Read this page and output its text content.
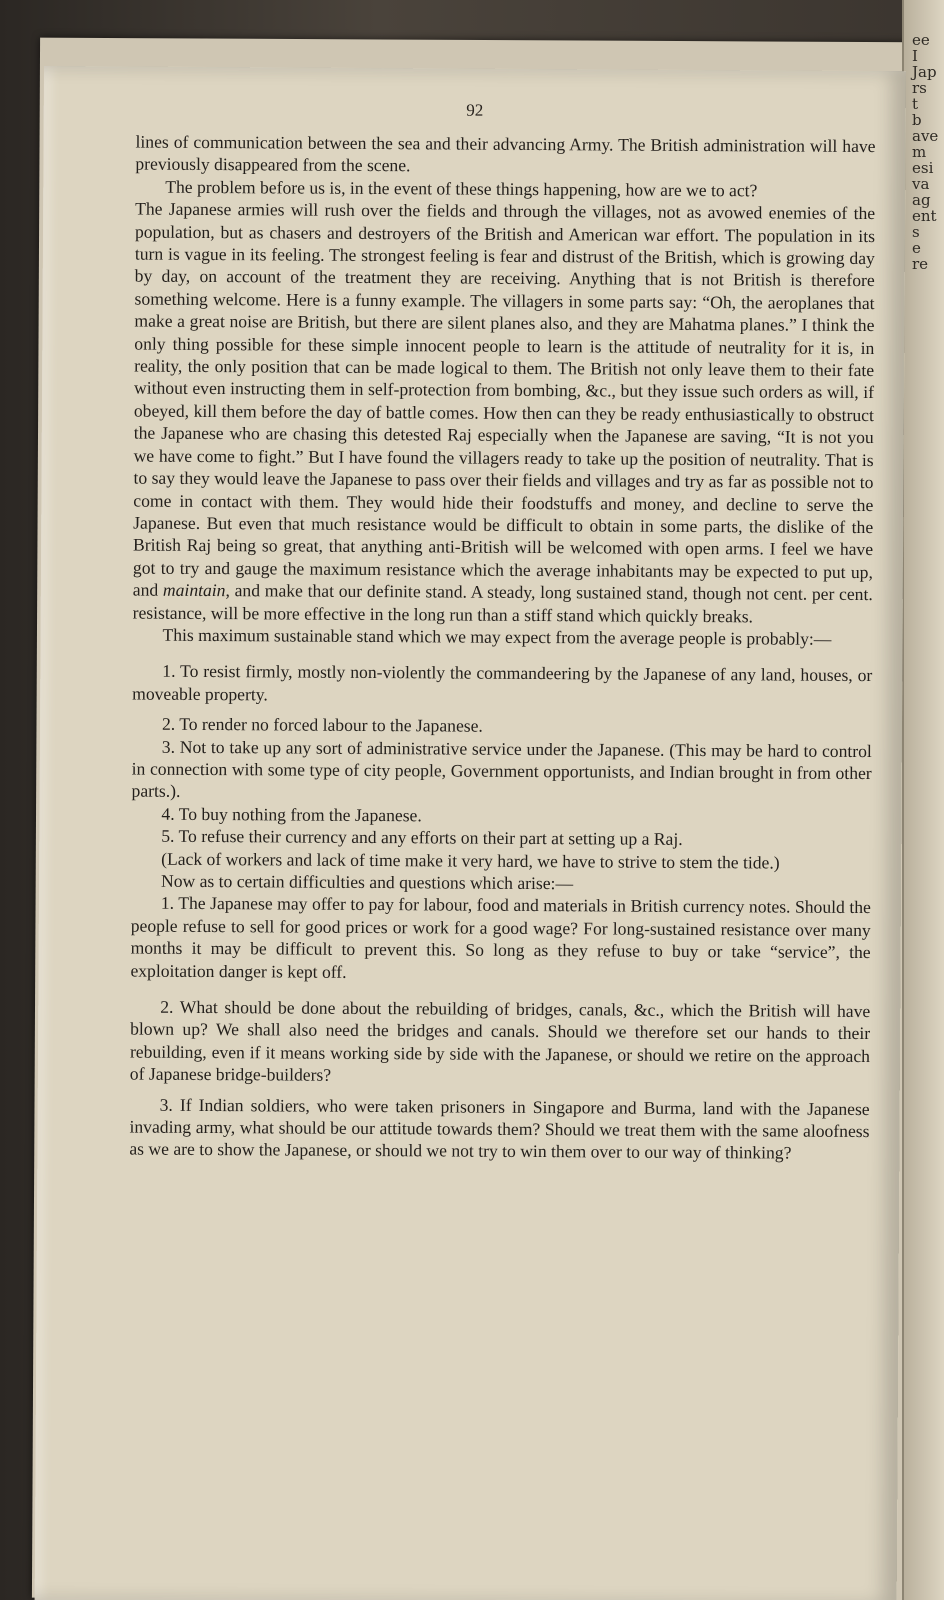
ee
I
Jap
rs
t
b
ave
m
esi
va
ag
ent
s
e
re
92

lines of communication between the sea and their advancing Army. The British administration will have previously disappeared from the scene.

The problem before us is, in the event of these things happening, how are we to act?

The Japanese armies will rush over the fields and through the villages, not as avowed enemies of the population, but as chasers and destroyers of the British and American war effort. The population in its turn is vague in its feeling. The strongest feeling is fear and distrust of the British, which is growing day by day, on account of the treatment they are receiving. Anything that is not British is therefore something welcome. Here is a funny example. The villagers in some parts say: “Oh, the aeroplanes that make a great noise are British, but there are silent planes also, and they are Mahatma planes.” I think the only thing possible for these simple innocent people to learn is the attitude of neutrality for it is, in reality, the only position that can be made logical to them. The British not only leave them to their fate without even instructing them in self-protection from bombing, &c., but they issue such orders as will, if obeyed, kill them before the day of battle comes. How then can they be ready enthusiastically to obstruct the Japanese who are chasing this detested Raj especially when the Japanese are saving, “It is not you we have come to fight.” But I have found the villagers ready to take up the position of neutrality. That is to say they would leave the Japanese to pass over their fields and villages and try as far as possible not to come in contact with them. They would hide their foodstuffs and money, and decline to serve the Japanese. But even that much resistance would be difficult to obtain in some parts, the dislike of the British Raj being so great, that anything anti-British will be welcomed with open arms. I feel we have got to try and gauge the maximum resistance which the average inhabitants may be expected to put up, and maintain, and make that our definite stand. A steady, long sustained stand, though not cent. per cent. resistance, will be more effective in the long run than a stiff stand which quickly breaks.

This maximum sustainable stand which we may expect from the average people is probably:—

1. To resist firmly, mostly non-violently the commandeering by the Japanese of any land, houses, or moveable property.

2. To render no forced labour to the Japanese.

3. Not to take up any sort of administrative service under the Japanese. (This may be hard to control in connection with some type of city people, Government opportunists, and Indian brought in from other parts.).

4. To buy nothing from the Japanese.

5. To refuse their currency and any efforts on their part at setting up a Raj.

(Lack of workers and lack of time make it very hard, we have to strive to stem the tide.)

Now as to certain difficulties and questions which arise:—

1. The Japanese may offer to pay for labour, food and materials in British currency notes. Should the people refuse to sell for good prices or work for a good wage? For long-sustained resistance over many months it may be difficult to prevent this. So long as they refuse to buy or take “service”, the exploitation danger is kept off.

2. What should be done about the rebuilding of bridges, canals, &c., which the British will have blown up? We shall also need the bridges and canals. Should we therefore set our hands to their rebuilding, even if it means working side by side with the Japanese, or should we retire on the approach of Japanese bridge-builders?

3. If Indian soldiers, who were taken prisoners in Singapore and Burma, land with the Japanese invading army, what should be our attitude towards them? Should we treat them with the same aloofness as we are to show the Japanese, or should we not try to win them over to our way of thinking?
